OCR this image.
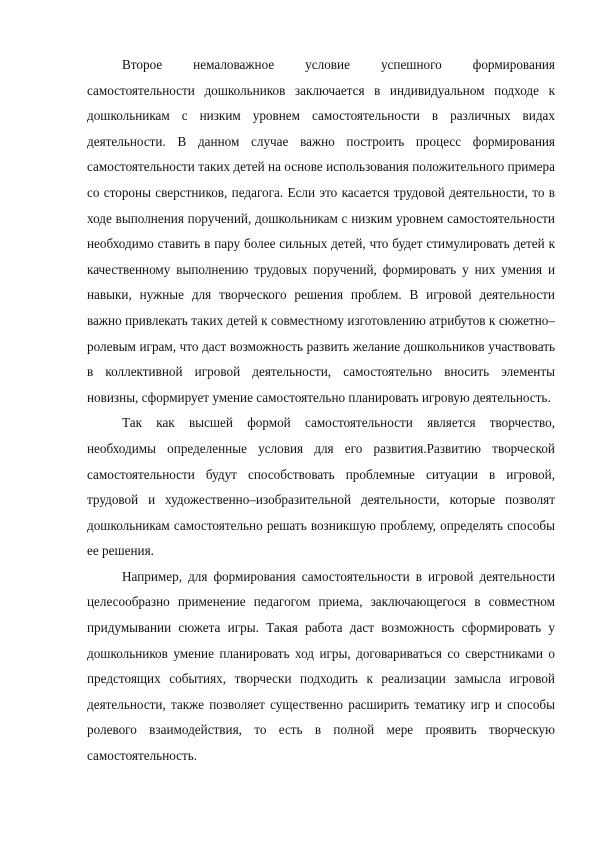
Второе немаловажное условие успешного формирования самостоятельности дошкольников заключается в индивидуальном подходе к дошкольникам с низким уровнем самостоятельности в различных видах деятельности. В данном случае важно построить процесс формирования самостоятельности таких детей на основе использования положительного примера со стороны сверстников, педагога. Если это касается трудовой деятельности, то в ходе выполнения поручений, дошкольникам с низким уровнем самостоятельности необходимо ставить в пару более сильных детей, что будет стимулировать детей к качественному выполнению трудовых поручений, формировать у них умения и навыки, нужные для творческого решения проблем. В игровой деятельности важно привлекать таких детей к совместному изготовлению атрибутов к сюжетно–ролевым играм, что даст возможность развить желание дошкольников участвовать в коллективной игровой деятельности, самостоятельно вносить элементы новизны, сформирует умение самостоятельно планировать игровую деятельность.

Так как высшей формой самостоятельности является творчество, необходимы определенные условия для его развития.Развитию творческой самостоятельности будут способствовать проблемные ситуации в игровой, трудовой и художественно–изобразительной деятельности, которые позволят дошкольникам самостоятельно решать возникшую проблему, определять способы ее решения.

Например, для формирования самостоятельности в игровой деятельности целесообразно применение педагогом приема, заключающегося в совместном придумывании сюжета игры. Такая работа даст возможность сформировать у дошкольников умение планировать ход игры, договариваться со сверстниками о предстоящих событиях, творчески подходить к реализации замысла игровой деятельности, также позволяет существенно расширить тематику игр и способы ролевого взаимодействия, то есть в полной мере проявить творческую самостоятельность.
